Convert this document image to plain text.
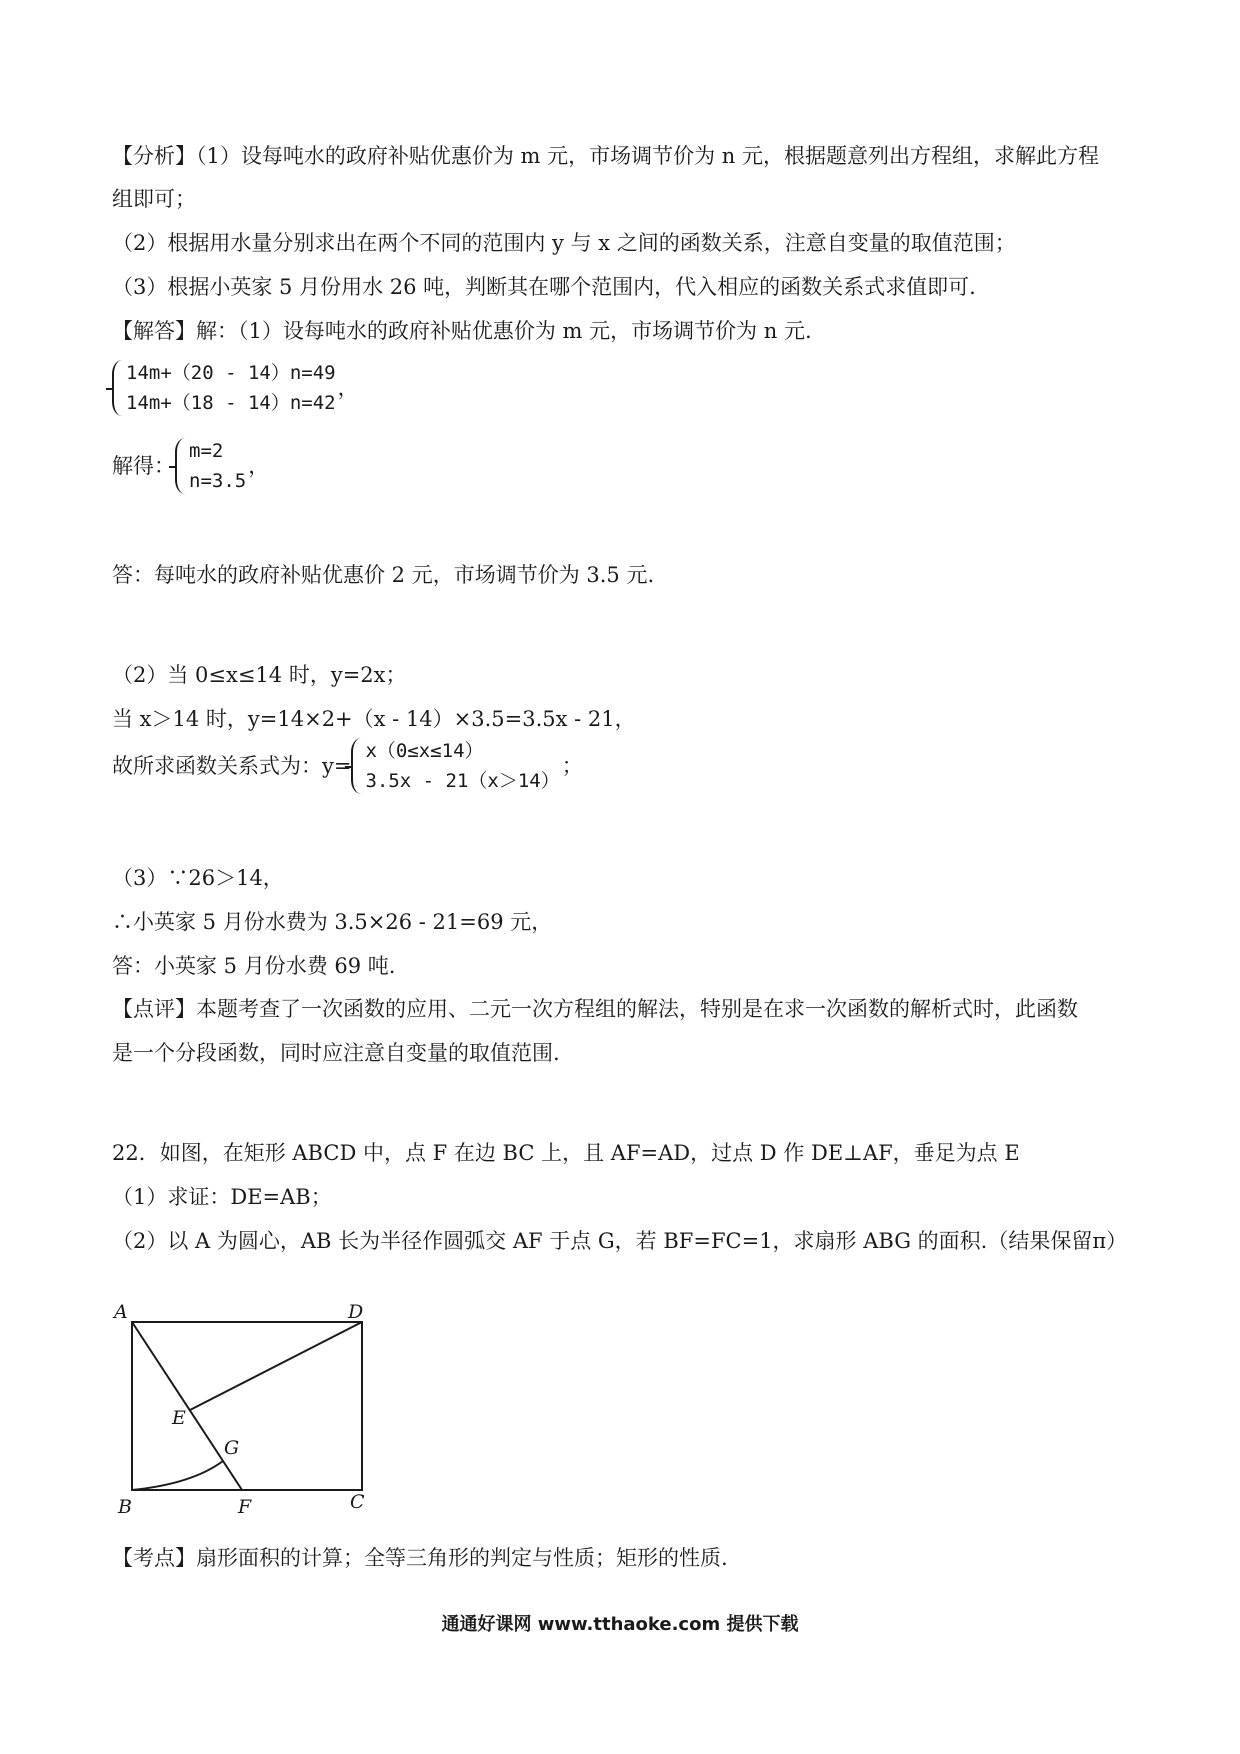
【分析】（1）设每吨水的政府补贴优惠价为 m 元，市场调节价为 n 元，根据题意列出方程组，求解此方程
组即可；
（2）根据用水量分别求出在两个不同的范围内 y 与 x 之间的函数关系，注意自变量的取值范围；
（3）根据小英家 5 月份用水 26 吨，判断其在哪个范围内，代入相应的函数关系式求值即可.
【解答】解：（1）设每吨水的政府补贴优惠价为 m 元，市场调节价为 n 元.
14m+（20 - 14）n=49
14m+（18 - 14）n=42
，
解得：
m=2
n=3.5
，
答：每吨水的政府补贴优惠价 2 元，市场调节价为 3.5 元.
（2）当 0≤x≤14 时，y=2x；
当 x＞14 时，y=14×2+（x - 14）×3.5=3.5x - 21，
故所求函数关系式为：y=
x（0≤x≤14）
3.5x - 21（x＞14）
；
（3）∵26＞14，
∴小英家 5 月份水费为 3.5×26 - 21=69 元，
答：小英家 5 月份水费 69 吨.
【点评】本题考查了一次函数的应用、二元一次方程组的解法，特别是在求一次函数的解析式时，此函数
是一个分段函数，同时应注意自变量的取值范围.
22．如图，在矩形 ABCD 中，点 F 在边 BC 上，且 AF=AD，过点 D 作 DE⊥AF，垂足为点 E
（1）求证：DE=AB；
（2）以 A 为圆心，AB 长为半径作圆弧交 AF 于点 G，若 BF=FC=1，求扇形 ABG 的面积.（结果保留π）
A	D
E
G
B	F	C
【考点】扇形面积的计算；全等三角形的判定与性质；矩形的性质.
通通好课网 www.tthaoke.com 提供下载
